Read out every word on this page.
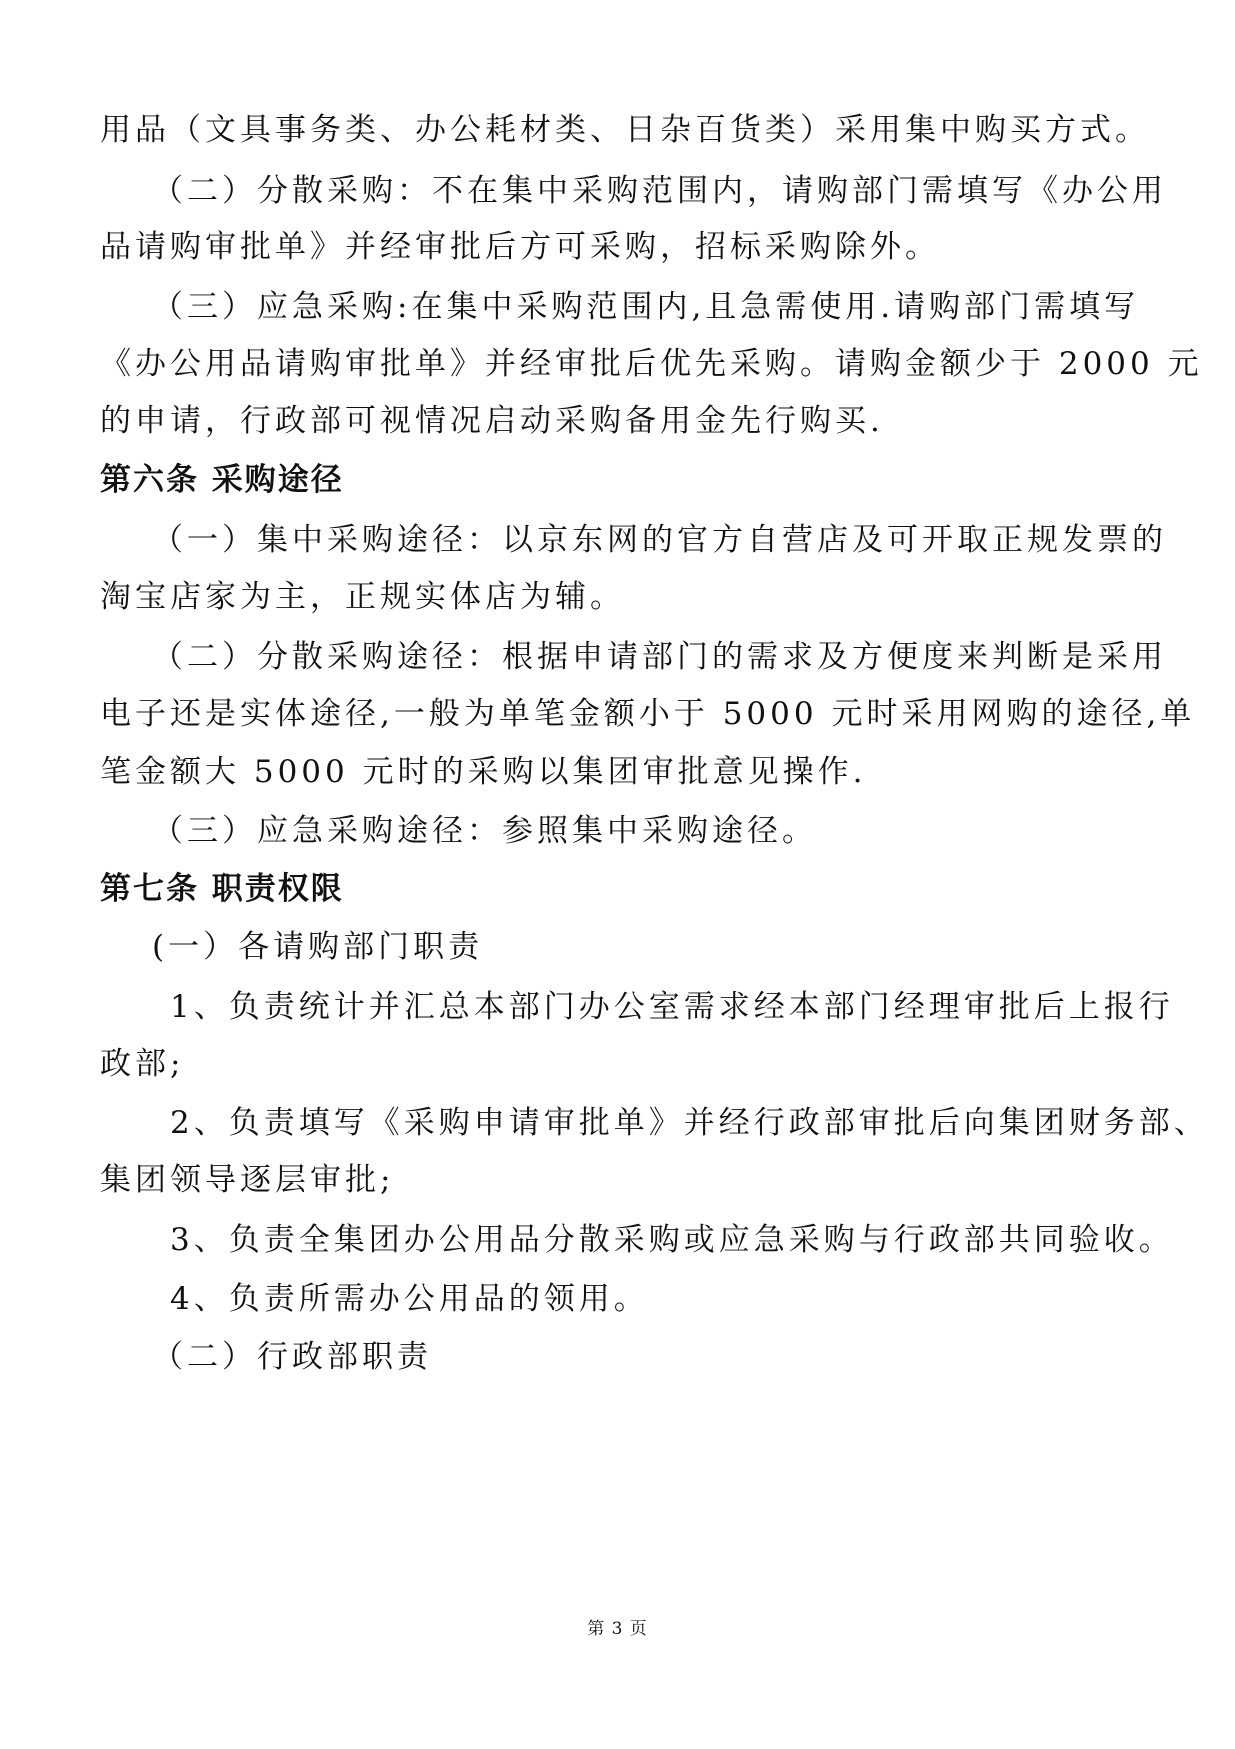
用品（文具事务类、办公耗材类、日杂百货类）采用集中购买方式。
（二）分散采购：不在集中采购范围内，请购部门需填写《办公用
品请购审批单》并经审批后方可采购，招标采购除外。
（三）应急采购:在集中采购范围内,且急需使用.请购部门需填写
《办公用品请购审批单》并经审批后优先采购。请购金额少于 2000 元
的申请，行政部可视情况启动采购备用金先行购买.
第六条 采购途径
（一）集中采购途径：以京东网的官方自营店及可开取正规发票的
淘宝店家为主，正规实体店为辅。
（二）分散采购途径：根据申请部门的需求及方便度来判断是采用
电子还是实体途径,一般为单笔金额小于 5000 元时采用网购的途径,单
笔金额大 5000 元时的采购以集团审批意见操作.
（三）应急采购途径：参照集中采购途径。
第七条 职责权限
(一）各请购部门职责
1、负责统计并汇总本部门办公室需求经本部门经理审批后上报行
政部;
2、负责填写《采购申请审批单》并经行政部审批后向集团财务部、
集团领导逐层审批;
3、负责全集团办公用品分散采购或应急采购与行政部共同验收。
4、负责所需办公用品的领用。
（二）行政部职责
第 3 页
